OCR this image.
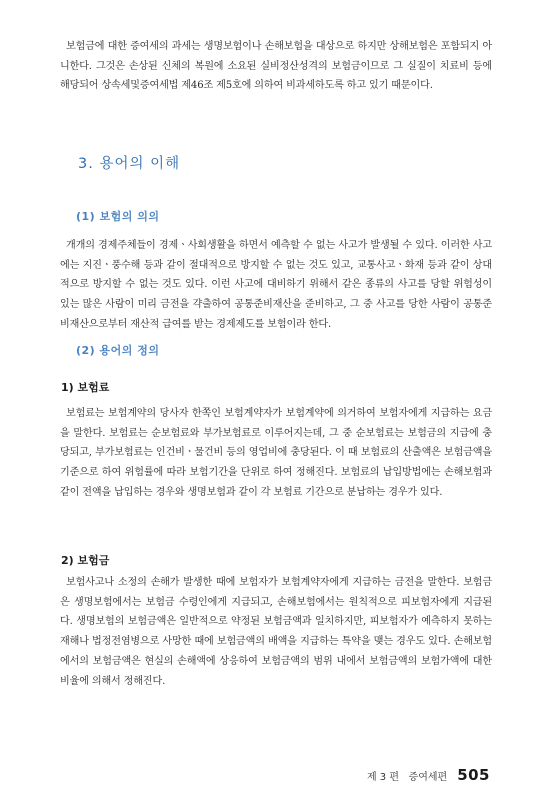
보험금에 대한 증여세의 과세는 생명보험이나 손해보험을 대상으로 하지만 상해보험은 포함되지 아니한다. 그것은 손상된 신체의 복원에 소요된 실비정산성격의 보험금이므로 그 실질이 치료비 등에 해당되어 상속세및증여세법 제46조 제5호에 의하여 비과세하도록 하고 있기 때문이다.

3. 용어의 이해
(1) 보험의 의의

개개의 경제주체들이 경제ㆍ사회생활을 하면서 예측할 수 없는 사고가 발생될 수 있다. 이러한 사고에는 지진ㆍ풍수해 등과 같이 절대적으로 방지할 수 없는 것도 있고, 교통사고ㆍ화재 등과 같이 상대적으로 방지할 수 없는 것도 있다. 이런 사고에 대비하기 위해서 같은 종류의 사고를 당할 위험성이 있는 많은 사람이 미리 금전을 갹출하여 공통준비재산을 준비하고, 그 중 사고를 당한 사람이 공통준비재산으로부터 재산적 급여를 받는 경제제도를 보험이라 한다.

(2) 용어의 정의
1) 보험료

보험료는 보험계약의 당사자 한쪽인 보험계약자가 보험계약에 의거하여 보험자에게 지급하는 요금을 말한다. 보험료는 순보험료와 부가보험료로 이루어지는데, 그 중 순보험료는 보험금의 지급에 충당되고, 부가보험료는 인건비ㆍ물건비 등의 영업비에 충당된다. 이 때 보험료의 산출액은 보험금액을 기준으로 하여 위험률에 따라 보험기간을 단위로 하여 정해진다. 보험료의 납입방법에는 손해보험과 같이 전액을 납입하는 경우와 생명보험과 같이 각 보험료 기간으로 분납하는 경우가 있다.

2) 보험금

보험사고나 소정의 손해가 발생한 때에 보험자가 보험계약자에게 지급하는 금전을 말한다. 보험금은 생명보험에서는 보험금 수령인에게 지급되고, 손해보험에서는 원칙적으로 피보험자에게 지급된다. 생명보험의 보험금액은 일반적으로 약정된 보험금액과 일치하지만, 피보험자가 예측하지 못하는 재해나 법정전염병으로 사망한 때에 보험금액의 배액을 지급하는 특약을 맺는 경우도 있다. 손해보험에서의 보험금액은 현실의 손해액에 상응하여 보험금액의 범위 내에서 보험금액의 보험가액에 대한 비율에 의해서 정해진다.

제 3 편   증여세편 505
